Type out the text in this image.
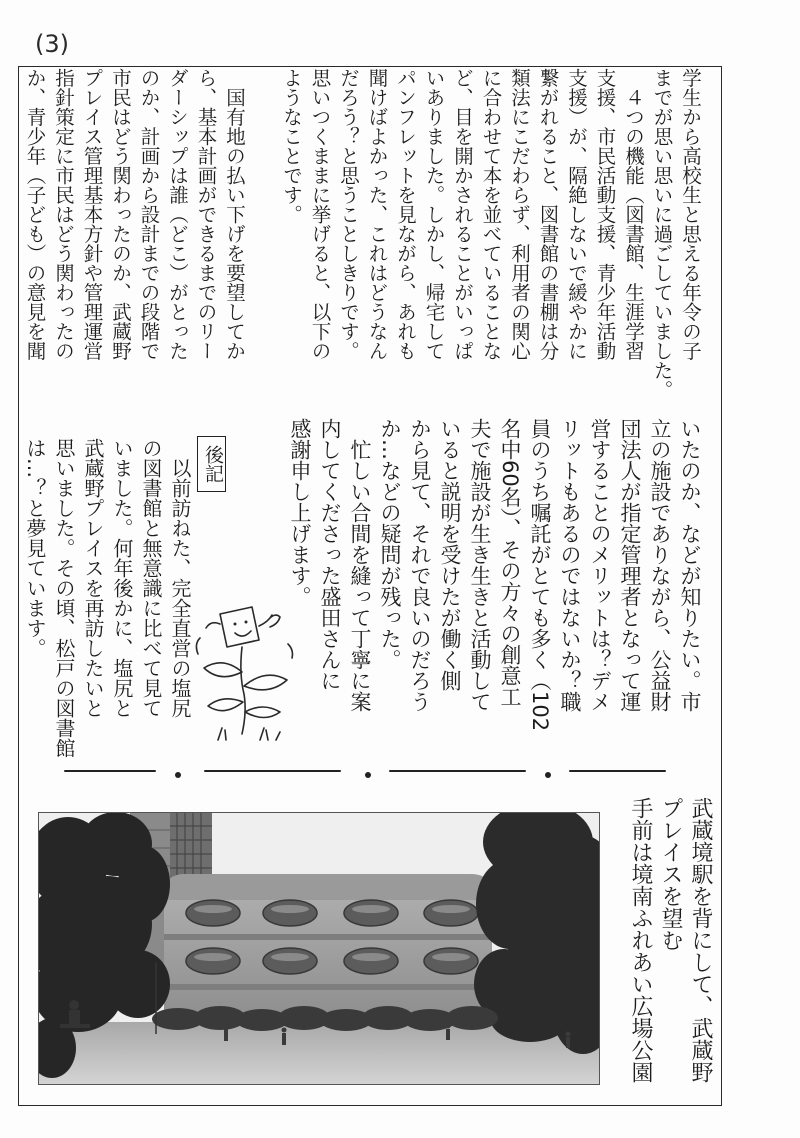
(3)
学生から高校生と思える年令の子
までが思い思いに過ごしていました。
　４つの機能（図書館、生涯学習
支援、市民活動支援、青少年活動
支援）が、隔絶しないで緩やかに
繋がれること、図書館の書棚は分
類法にこだわらず、利用者の関心
に合わせて本を並べていることな
ど、目を開かされることがいっぱ
いありました。しかし、帰宅して
パンフレットを見ながら、あれも
聞けばよかった、これはどうなん
だろう？と思うことしきりです。
思いつくままに挙げると、以下の
ようなことです。
　国有地の払い下げを要望してか
ら、基本計画ができるまでのリー
ダーシップは誰（どこ）がとった
のか、計画から設計までの段階で
市民はどう関わったのか、武蔵野
プレイス管理基本方針や管理運営
指針策定に市民はどう関わったの
か、青少年（子ども）の意見を聞
いたのか、などが知りたい。市
立の施設でありながら、公益財
団法人が指定管理者となって運
営することのメリットは？デメ
リットもあるのではないか？職
員のうち嘱託がとても多く（102
名中60名）、その方々の創意工
夫で施設が生き生きと活動して
いると説明を受けたが働く側
から見て、それで良いのだろう
か…などの疑問が残った。
　忙しい合間を縫って丁寧に案
内してくださった盛田さんに
感謝申し上げます。
後記
　以前訪ねた、完全直営の塩尻
の図書館と無意識に比べて見て
いました。何年後かに、塩尻と
武蔵野プレイスを再訪したいと
思いました。その頃、松戸の図書館
は…？と夢見ています。
武蔵境駅を背にして、武蔵野
プレイスを望む
手前は境南ふれあい広場公園
